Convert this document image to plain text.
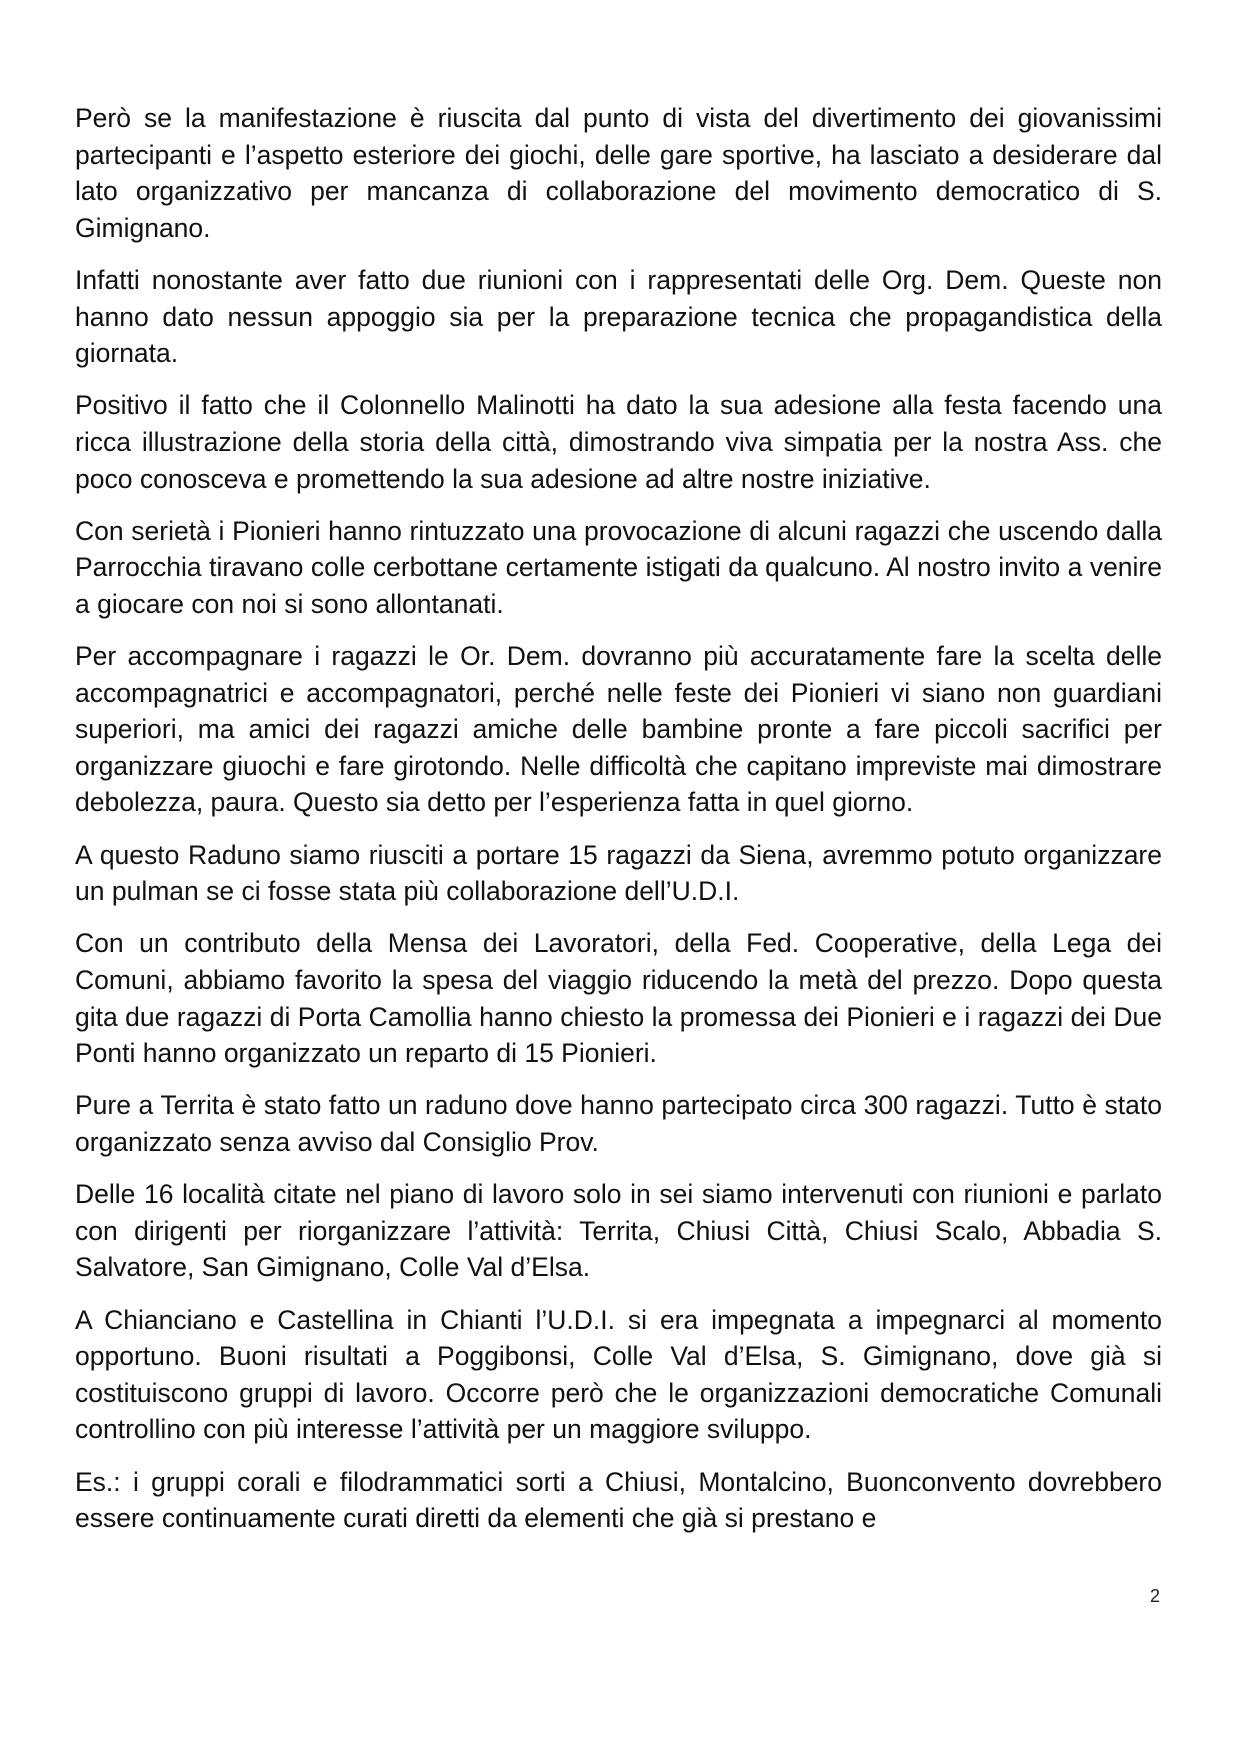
Però se la manifestazione è riuscita dal punto di vista del divertimento dei giovanissimi partecipanti e l’aspetto esteriore dei giochi, delle gare sportive, ha lasciato a desiderare dal lato organizzativo per mancanza di collaborazione del movimento democratico di S. Gimignano.

Infatti nonostante aver fatto due riunioni con i rappresentati delle Org. Dem. Queste non hanno dato nessun appoggio sia per la preparazione tecnica che propagandistica della giornata.

Positivo il fatto che il Colonnello Malinotti ha dato la sua adesione alla festa facendo una ricca illustrazione della storia della città, dimostrando viva simpatia per la nostra Ass. che poco conosceva e promettendo la sua adesione ad altre nostre iniziative.

Con serietà i Pionieri hanno rintuzzato una provocazione di alcuni ragazzi che uscendo dalla Parrocchia tiravano colle cerbottane certamente istigati da qualcuno. Al nostro invito a venire a giocare con noi si sono allontanati.

Per accompagnare i ragazzi le Or. Dem. dovranno più accuratamente fare la scelta delle accompagnatrici e accompagnatori, perché nelle feste dei Pionieri vi siano non guardiani superiori, ma amici dei ragazzi amiche delle bambine pronte a fare piccoli sacrifici per organizzare giuochi e fare girotondo. Nelle difficoltà che capitano impreviste mai dimostrare debolezza, paura. Questo sia detto per l’esperienza fatta in quel giorno.

A questo Raduno siamo riusciti a portare 15 ragazzi da Siena, avremmo potuto organizzare un pulman se ci fosse stata più collaborazione dell’U.D.I.

Con un contributo della Mensa dei Lavoratori, della Fed. Cooperative, della Lega dei Comuni, abbiamo favorito la spesa del viaggio riducendo la metà del prezzo. Dopo questa gita due ragazzi di Porta Camollia hanno chiesto la promessa dei Pionieri e i ragazzi dei Due Ponti hanno organizzato un reparto di 15 Pionieri.

Pure a Territa è stato fatto un raduno dove hanno partecipato circa 300 ragazzi. Tutto è stato organizzato senza avviso dal Consiglio Prov.

Delle 16 località citate nel piano di lavoro solo in sei siamo intervenuti con riunioni e parlato con dirigenti per riorganizzare l’attività: Territa, Chiusi Città, Chiusi Scalo, Abbadia S. Salvatore, San Gimignano, Colle Val d’Elsa.

A Chianciano e Castellina in Chianti l’U.D.I. si era impegnata a impegnarci al momento opportuno. Buoni risultati a Poggibonsi, Colle Val d’Elsa, S. Gimignano, dove già si costituiscono gruppi di lavoro. Occorre però che le organizzazioni democratiche Comunali controllino con più interesse l’attività per un maggiore sviluppo.

Es.: i gruppi corali e filodrammatici sorti a Chiusi, Montalcino, Buonconvento dovrebbero essere continuamente curati diretti da elementi che già si prestano e

2
